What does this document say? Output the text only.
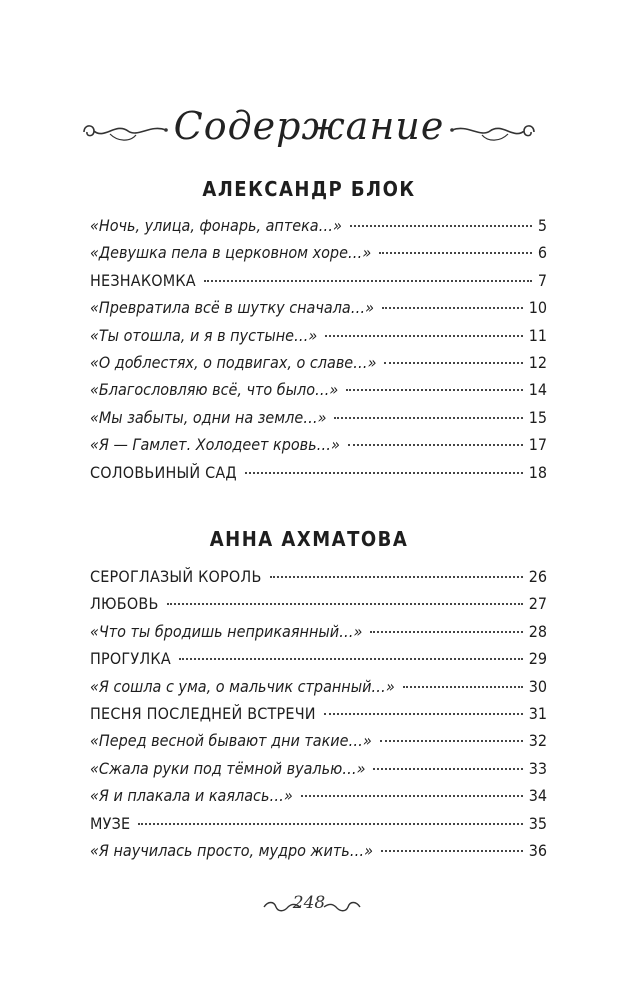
Содержание
АЛЕКСАНДР БЛОК
«Ночь, улица, фонарь, аптека…»	5
«Девушка пела в церковном хоре…»	6
НЕЗНАКОМКА	7
«Превратила всё в шутку сначала…»	10
«Ты отошла, и я в пустыне…»	11
«О доблестях, о подвигах, о славе…»	12
«Благословляю всё, что было…»	14
«Мы забыты, одни на земле…»	15
«Я — Гамлет. Холодеет кровь…»	17
СОЛОВЬИНЫЙ САД	18
АННА АХМАТОВА
СЕРОГЛАЗЫЙ КОРОЛЬ	26
ЛЮБОВЬ	27
«Что ты бродишь неприкаянный…»	28
ПРОГУЛКА	29
«Я сошла с ума, о мальчик странный…»	30
ПЕСНЯ ПОСЛЕДНЕЙ ВСТРЕЧИ	31
«Перед весной бывают дни такие…»	32
«Сжала руки под тёмной вуалью…»	33
«Я и плакала и каялась…»	34
МУЗЕ	35
«Я научилась просто, мудро жить…»	36
248
